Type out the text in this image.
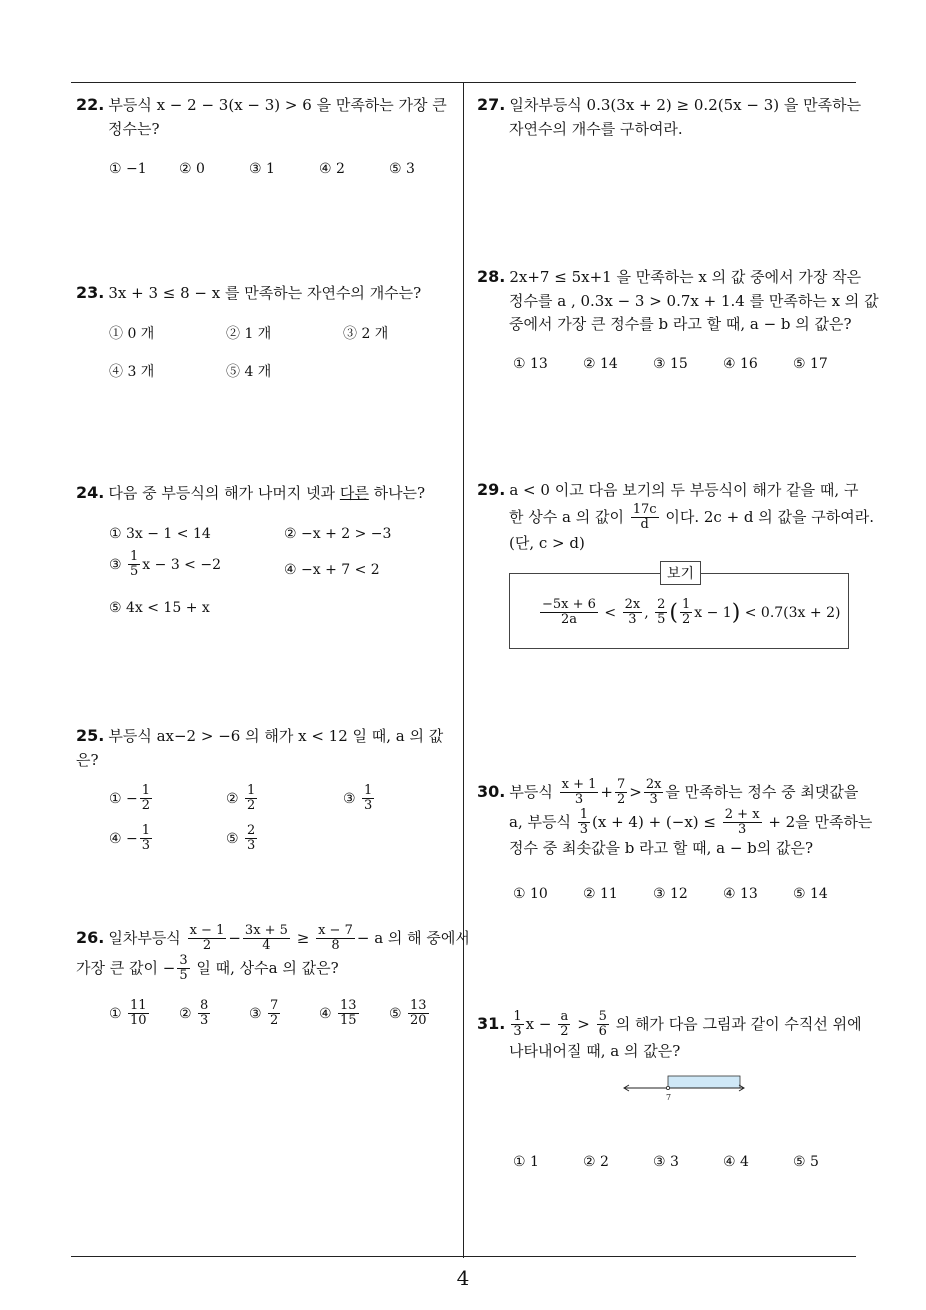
22. 부등식 x − 2 − 3(x − 3) > 6 을 만족하는 가장 큰
정수는?
① −1 ② 0	③ 1	④ 2	⑤ 3
23. 3x + 3 ≤ 8 − x 를 만족하는 자연수의 개수는?
① 0 개	② 1 개	③ 2 개
④ 3 개	⑤ 4 개
24. 다음 중 부등식의 해가 나머지 넷과 다른 하나는?
① 3x − 1 < 14	② −x + 2 > −3
③ $\frac{1}{5}$ x − 3 < −2	④ −x + 7 < 2
⑤ 4x < 15 + x
25. 부등식 ax−2 > −6 의 해가 x < 12 일 때, a 의 값은?
① − $\frac{1}{2}$	② $\frac{1}{2}$	③ $\frac{1}{3}$
④ − $\frac{1}{3}$	⑤ $\frac{2}{3}$
26. 일차부등식 $\frac{x - 1}{2} - \frac{3x + 5}{4} \ge \frac{x - 7}{8} - a$ 의 해 중에서
가장 큰 값이 − $\frac{3}{5}$ 일 때, 상수a 의 값은?
① $\frac{11}{10}$ ② $\frac{8}{3}$	③ $\frac{7}{2}$	④ $\frac{13}{15}$ ⑤ $\frac{13}{20}$
27. 일차부등식 0.3(3x + 2) ≥ 0.2(5x − 3) 을 만족하는
자연수의 개수를 구하여라.
28. 2x+7 ≤ 5x+1 을 만족하는 x 의 값 중에서 가장 작은
정수를 a , 0.3x − 3 > 0.7x + 1.4 를 만족하는 x 의 값
중에서 가장 큰 정수를 b 라고 할 때, a − b 의 값은?
① 13	② 14	③ 15	④ 16	⑤ 17
29. a < 0 이고 다음 보기의 두 부등식이 해가 같을 때, 구
한 상수 a 의 값이 $\frac{17c}{d}$ 이다. 2c + d 의 값을 구하여라.
(단, c > d)
보기
$\frac{-5x + 6}{2a} < \frac{2x}{3}$ , $\frac{2}{5}$ ( $\frac{1}{2}$ x − 1) < 0.7(3x + 2)
30. 부등식 $\frac{x + 1}{3} + \frac{7}{2} > \frac{2x}{3}$ 을 만족하는 정수 중 최댓값을
a, 부등식 $\frac{1}{3} (x + 4) + (-x) \le \frac{2 + x}{3} + 2$을 만족하는
정수 중 최솟값을 b 라고 할 때, a − b의 값은?
① 10	② 11	③ 12	④ 13	⑤ 14
31. $\frac{1}{3}$ $x - \frac{a}{2} > \frac{5}{6}$ 의 해가 다음 그림과 같이 수직선 위에
나타내어질 때, a 의 값은?
7
① 1	② 2	③ 3	④ 4	⑤ 5
4
